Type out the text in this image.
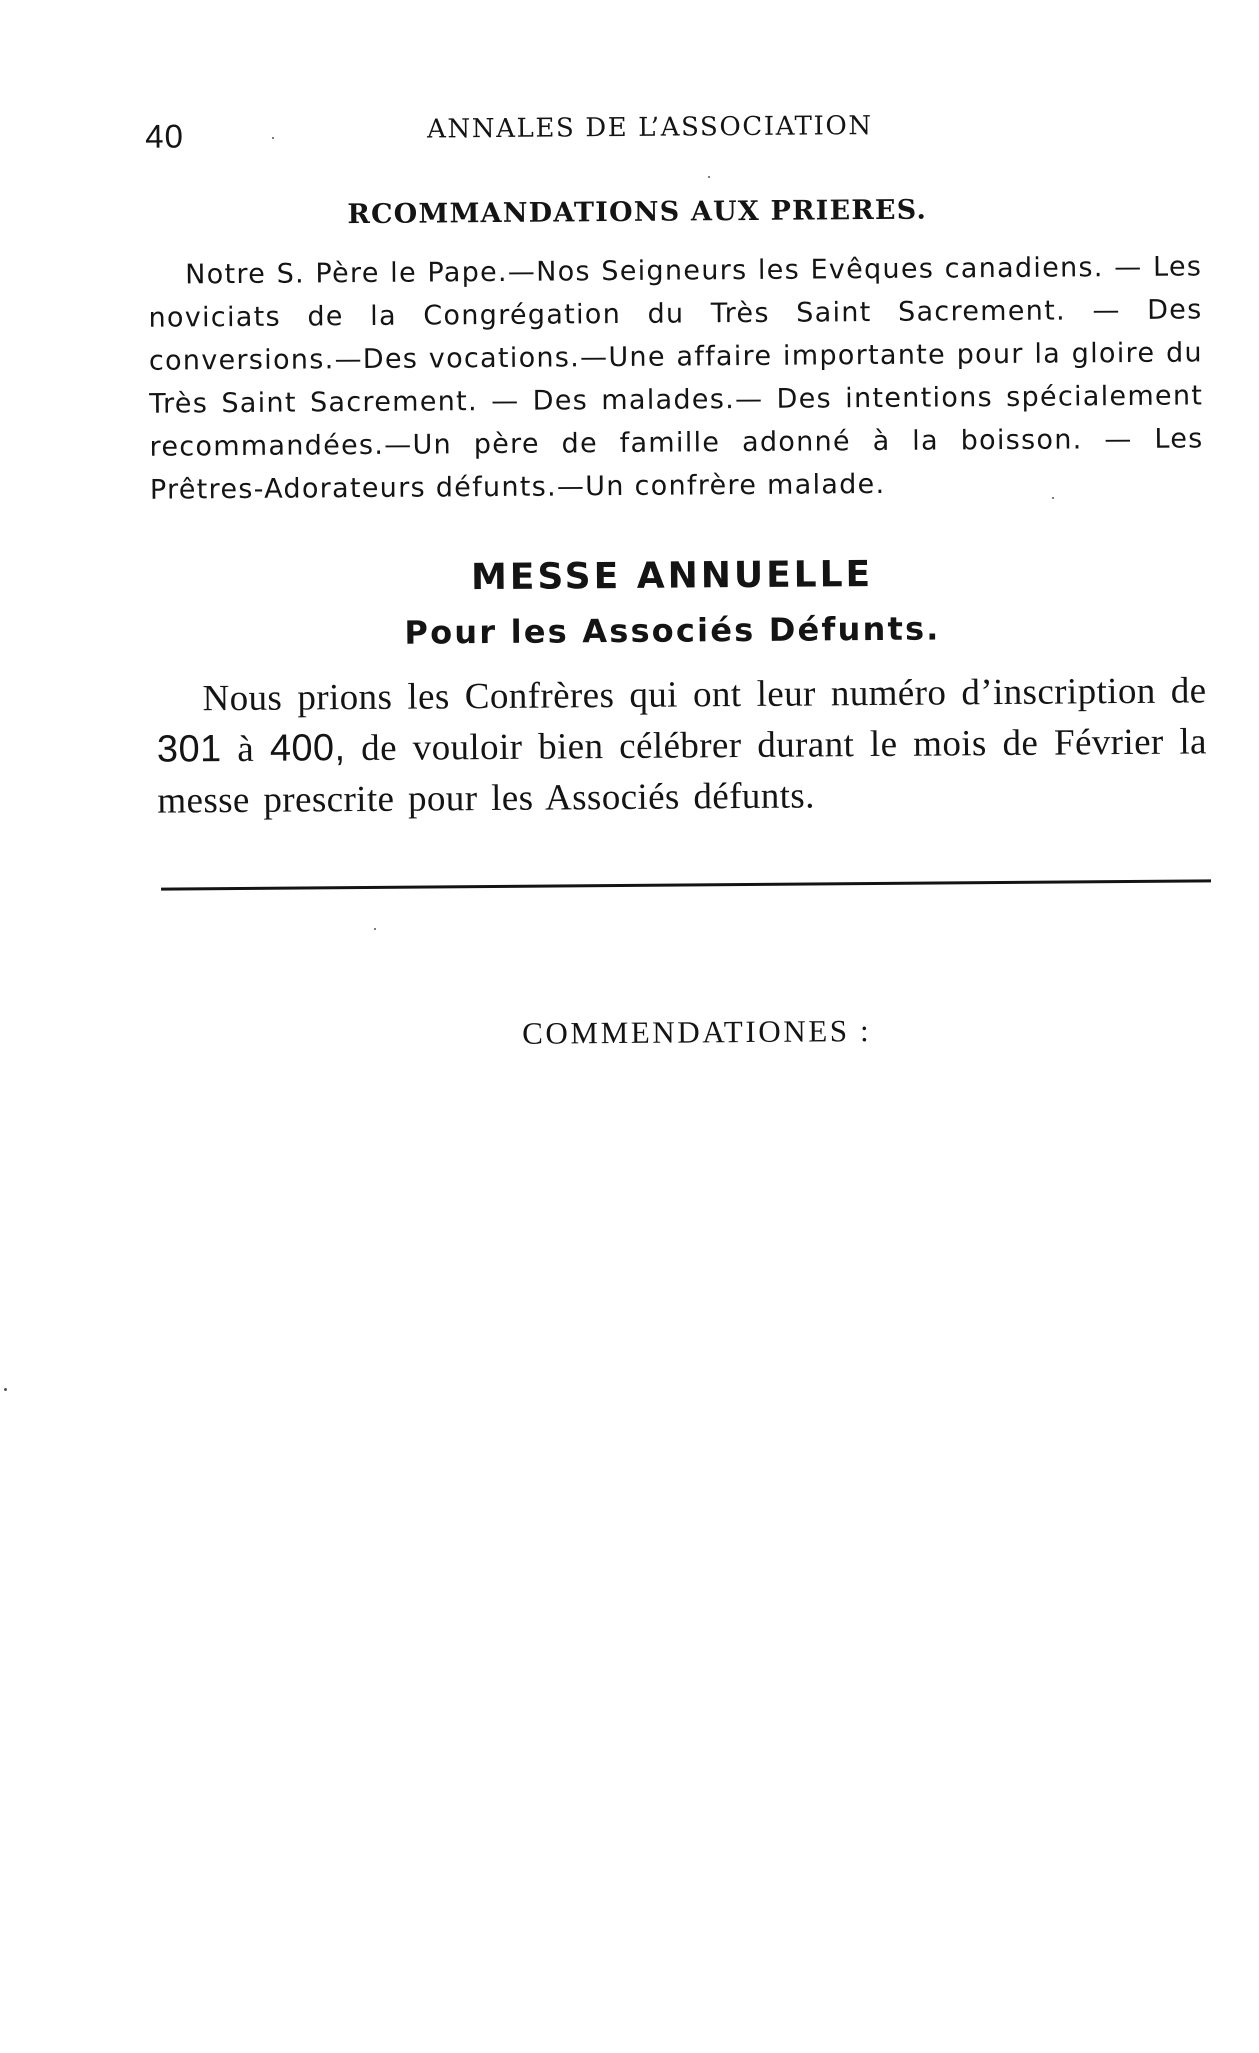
40	ANNALES DE L’ASSOCIATION
RCOMMANDATIONS AUX PRIERES.
Notre S. Père le Pape.—Nos Seigneurs les Evêques canadiens. — Les noviciats de la Congrégation du Très Saint Sacrement. — Des conversions.—Des vocations.—Une affaire importante pour la gloire du Très Saint Sacrement. — Des malades.— Des intentions spécialement recommandées.—Un père de famille adonné à la boisson. — Les Prêtres-Adorateurs défunts.—Un confrère malade.
MESSE ANNUELLE
Pour les Associés Défunts.
Nous prions les Confrères qui ont leur numéro d’inscription de 301 à 400, de vouloir bien célébrer durant le mois de Février la messe prescrite pour les Associés défunts.
COMMENDATIONES :
